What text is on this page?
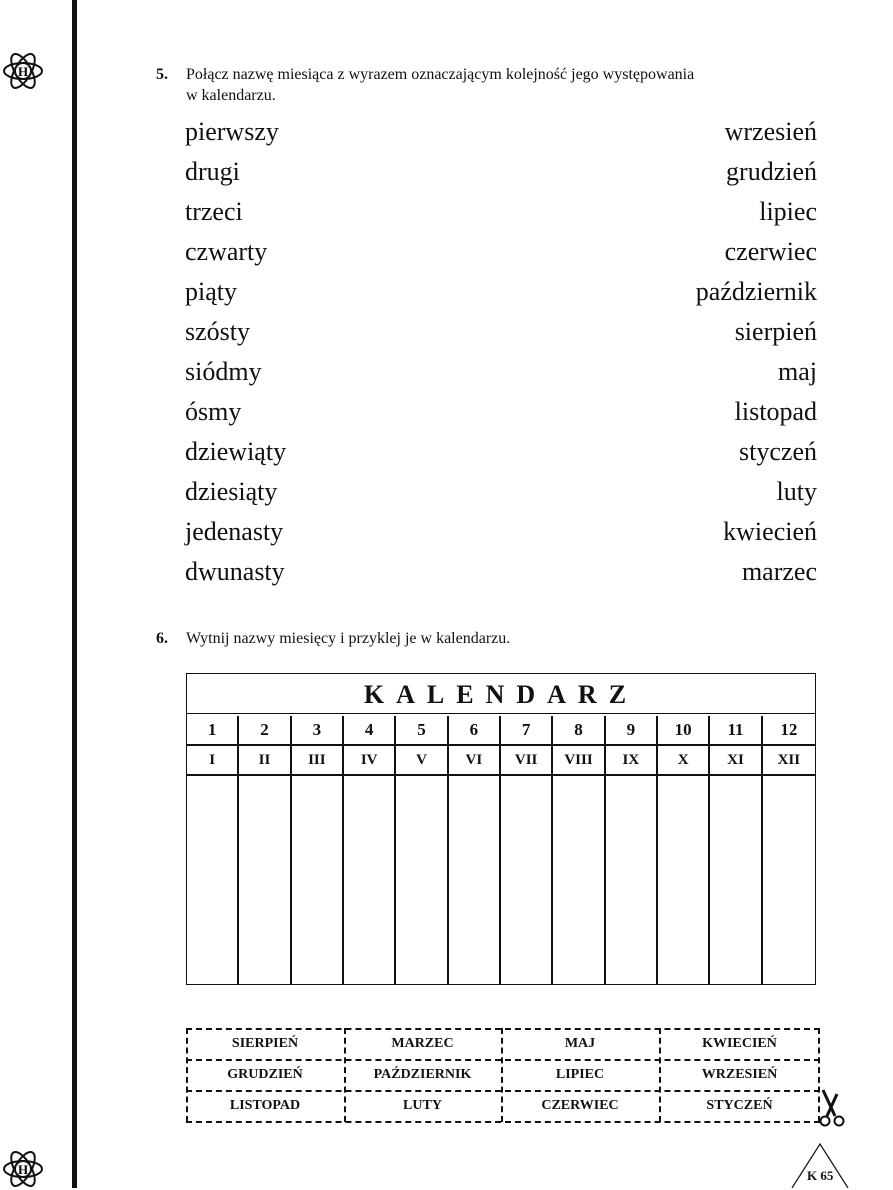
H
H
5. Połącz nazwę miesiąca z wyrazem oznaczającym kolejność jego występowania
w kalendarzu.
pierwszy
drugi
trzeci
czwarty
piąty
szósty
siódmy
ósmy
dziewiąty
dziesiąty
jedenasty
dwunasty
wrzesień
grudzień
lipiec
czerwiec
październik
sierpień
maj
listopad
styczeń
luty
kwiecień
marzec
6. Wytnij nazwy miesięcy i przyklej je w kalendarzu.
KALENDARZ
1	2	3	4	5	6	7	8	9	10	11	12
I	II	III	IV	V	VI	VII	VIII	IX	X	XI	XII
SIERPIEŃ	MARZEC	MAJ	KWIECIEŃ
GRUDZIEŃ	PAŹDZIERNIK	LIPIEC	WRZESIEŃ
LISTOPAD	LUTY	CZERWIEC	STYCZEŃ
K 65
